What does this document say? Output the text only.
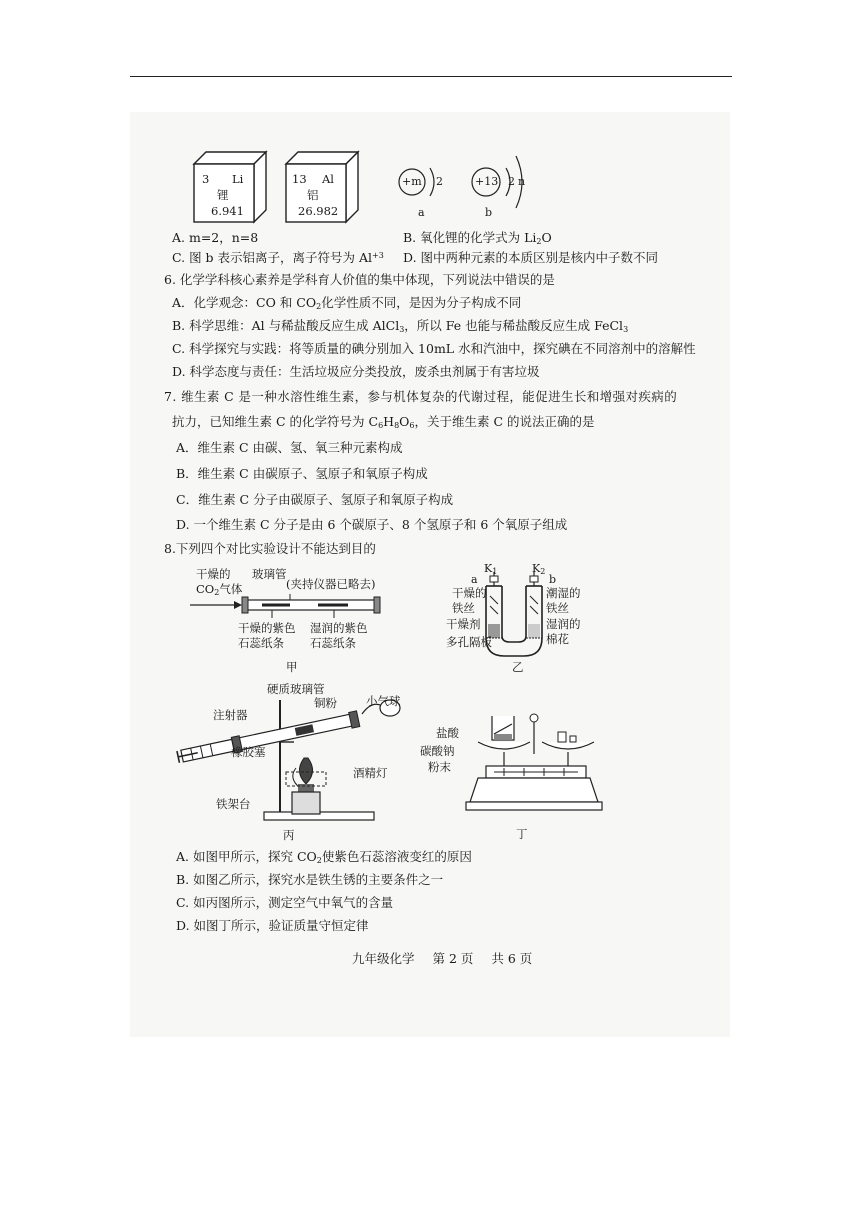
3 Li
锂
6.941
13 Al
铝
26.982
+m 2
a
+13 2 n
b
A. m=2，n=8	B. 氧化锂的化学式为 $Li_2O$
C. 图 b 表示铝离子，离子符号为 $Al^{+3}$ D. 图中两种元素的本质区别是核内中子数不同
6. 化学学科核心素养是学科育人价值的集中体现，下列说法中错误的是
A．化学观念：CO 和 $CO_2$化学性质不同，是因为分子构成不同
B. 科学思维：Al 与稀盐酸反应生成 AlCl$_3$，所以 Fe 也能与稀盐酸反应生成 FeCl$_3$
C. 科学探究与实践：将等质量的碘分别加入 10mL 水和汽油中，探究碘在不同溶剂中的溶解性
D. 科学态度与责任：生活垃圾应分类投放，废杀虫剂属于有害垃圾
7. 维生素 C 是一种水溶性维生素，参与机体复杂的代谢过程，能促进生长和增强对疾病的
抗力，已知维生素 C 的化学符号为 $C_6H_8O_6$，关于维生素 C 的说法正确的是
A．维生素 C 由碳、氢、氧三种元素构成
B．维生素 C 由碳原子、氢原子和氧原子构成
C．维生素 C 分子由碳原子、氢原子和氧原子构成
D. 一个维生素 C 分子是由 6 个碳原子、8 个氢原子和 6 个氧原子组成
8.下列四个对比实验设计不能达到目的
干燥的
$CO_2$气体
玻璃管
(夹持仪器已略去)
干燥的紫色
石蕊纸条
湿润的紫色
石蕊纸条
甲
$K_1$	$K_2$
a	b
干燥的
铁丝
干燥剂
多孔隔板
潮湿的
铁丝
湿润的
棉花
乙
硬质玻璃管
铜粉	小气球
注射器
橡胶塞
酒精灯
铁架台
丙
盐酸
碳酸钠
粉末
丁
A. 如图甲所示，探究 $CO_2$使紫色石蕊溶液变红的原因
B. 如图乙所示，探究水是铁生锈的主要条件之一
C. 如丙图所示，测定空气中氧气的含量
D. 如图丁所示，验证质量守恒定律
九年级化学 第 2 页 共 6 页
